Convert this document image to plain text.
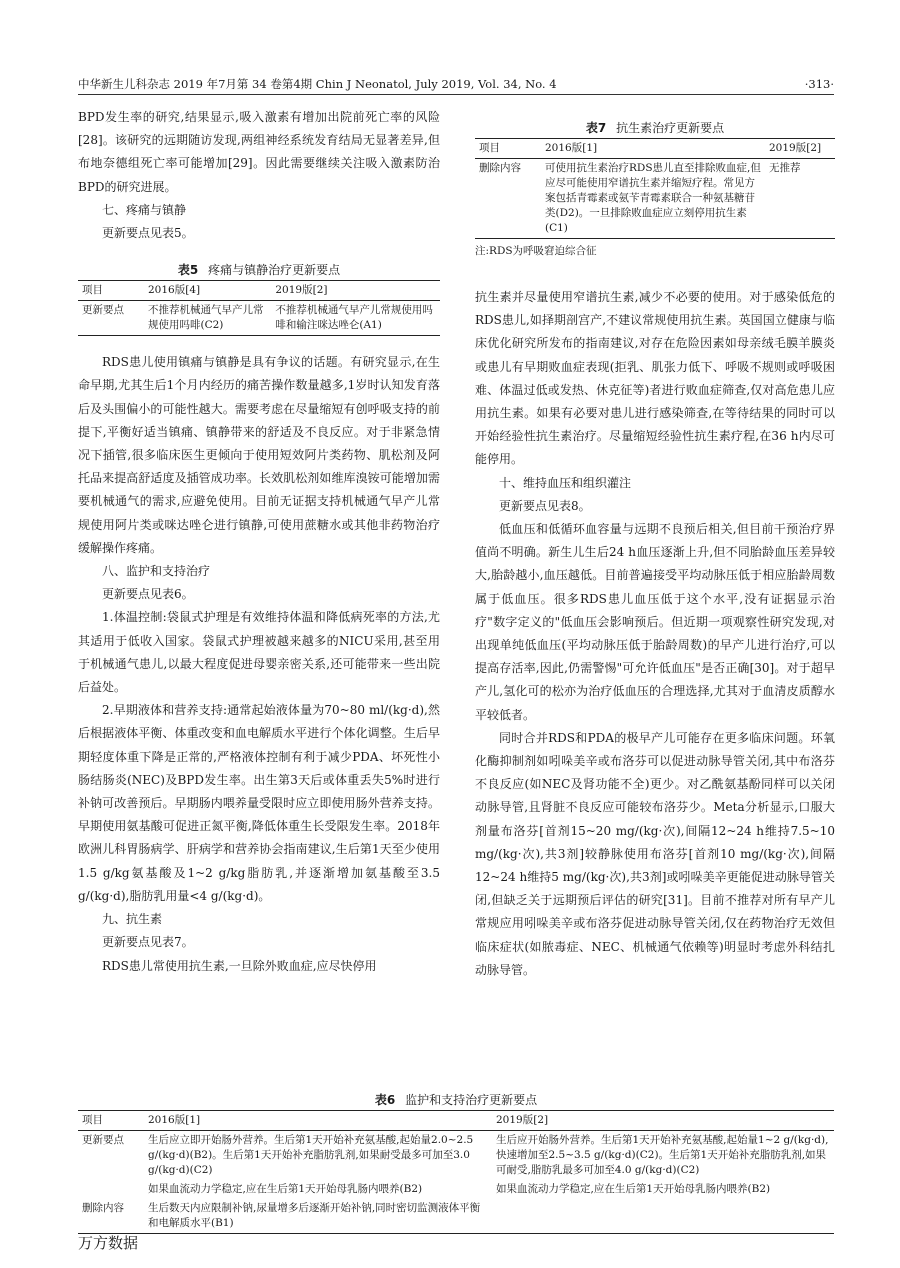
中华新生儿科杂志 2019 年7月第 34 卷第4期 Chin J Neonatol, July 2019, Vol. 34, No. 4	·313·

BPD发生率的研究,结果显示,吸入激素有增加出院前死亡率的风险[28]。该研究的远期随访发现,两组神经系统发育结局无显著差异,但布地奈德组死亡率可能增加[29]。因此需要继续关注吸入激素防治BPD的研究进展。

七、疼痛与镇静

更新要点见表5。

RDS患儿使用镇痛与镇静是具有争议的话题。有研究显示,在生命早期,尤其生后1个月内经历的痛苦操作数量越多,1岁时认知发育落后及头围偏小的可能性越大。需要考虑在尽量缩短有创呼吸支持的前提下,平衡好适当镇痛、镇静带来的舒适及不良反应。对于非紧急情况下插管,很多临床医生更倾向于使用短效阿片类药物、肌松剂及阿托品来提高舒适度及插管成功率。长效肌松剂如维库溴铵可能增加需要机械通气的需求,应避免使用。目前无证据支持机械通气早产儿常规使用阿片类或咪达唑仑进行镇静,可使用蔗糖水或其他非药物治疗缓解操作疼痛。

八、监护和支持治疗

更新要点见表6。

1.体温控制:袋鼠式护理是有效维持体温和降低病死率的方法,尤其适用于低收入国家。袋鼠式护理被越来越多的NICU采用,甚至用于机械通气患儿,以最大程度促进母婴亲密关系,还可能带来一些出院后益处。

2.早期液体和营养支持:通常起始液体量为70~80 ml/(kg·d),然后根据液体平衡、体重改变和血电解质水平进行个体化调整。生后早期轻度体重下降是正常的,严格液体控制有利于减少PDA、坏死性小肠结肠炎(NEC)及BPD发生率。出生第3天后或体重丢失5%时进行补钠可改善预后。早期肠内喂养量受限时应立即使用肠外营养支持。早期使用氨基酸可促进正氮平衡,降低体重生长受限发生率。2018年欧洲儿科胃肠病学、肝病学和营养协会指南建议,生后第1天至少使用1.5 g/kg氨基酸及1~2 g/kg脂肪乳,并逐渐增加氨基酸至3.5 g/(kg·d),脂肪乳用量<4 g/(kg·d)。

九、抗生素

更新要点见表7。

RDS患儿常使用抗生素,一旦除外败血症,应尽快停用

表5 疼痛与镇静治疗更新要点
项目	2016版[4]	2019版[2]
更新要点	不推荐机械通气早产儿常规使用吗啡(C2)	不推荐机械通气早产儿常规使用吗啡和输注咪达唑仑(A1)
表7 抗生素治疗更新要点
项目	2016版[1]	2019版[2]
删除内容	可使用抗生素治疗RDS患儿直至排除败血症,但应尽可能使用窄谱抗生素并缩短疗程。常见方案包括青霉素或氨苄青霉素联合一种氨基糖苷类(D2)。一旦排除败血症应立刻停用抗生素(C1)	无推荐
注:RDS为呼吸窘迫综合征

抗生素并尽量使用窄谱抗生素,减少不必要的使用。对于感染低危的RDS患儿,如择期剖宫产,不建议常规使用抗生素。英国国立健康与临床优化研究所发布的指南建议,对存在危险因素如母亲绒毛膜羊膜炎或患儿有早期败血症表现(拒乳、肌张力低下、呼吸不规则或呼吸困难、体温过低或发热、休克征等)者进行败血症筛查,仅对高危患儿应用抗生素。如果有必要对患儿进行感染筛查,在等待结果的同时可以开始经验性抗生素治疗。尽量缩短经验性抗生素疗程,在36 h内尽可能停用。

十、维持血压和组织灌注

更新要点见表8。

低血压和低循环血容量与远期不良预后相关,但目前干预治疗界值尚不明确。新生儿生后24 h血压逐渐上升,但不同胎龄血压差异较大,胎龄越小,血压越低。目前普遍接受平均动脉压低于相应胎龄周数属于低血压。很多RDS患儿血压低于这个水平,没有证据显示治疗"数字定义的"低血压会影响预后。但近期一项观察性研究发现,对出现单纯低血压(平均动脉压低于胎龄周数)的早产儿进行治疗,可以提高存活率,因此,仍需警惕"可允许低血压"是否正确[30]。对于超早产儿,氢化可的松亦为治疗低血压的合理选择,尤其对于血清皮质醇水平较低者。

同时合并RDS和PDA的极早产儿可能存在更多临床问题。环氧化酶抑制剂如吲哚美辛或布洛芬可以促进动脉导管关闭,其中布洛芬不良反应(如NEC及肾功能不全)更少。对乙酰氨基酚同样可以关闭动脉导管,且肾脏不良反应可能较布洛芬少。Meta分析显示,口服大剂量布洛芬[首剂15~20 mg/(kg·次),间隔12~24 h维持7.5~10 mg/(kg·次),共3剂]较静脉使用布洛芬[首剂10 mg/(kg·次),间隔12~24 h维持5 mg/(kg·次),共3剂]或吲哚美辛更能促进动脉导管关闭,但缺乏关于远期预后评估的研究[31]。目前不推荐对所有早产儿常规应用吲哚美辛或布洛芬促进动脉导管关闭,仅在药物治疗无效但临床症状(如脓毒症、NEC、机械通气依赖等)明显时考虑外科结扎动脉导管。

表6 监护和支持治疗更新要点
项目	2016版[1]	2019版[2]
更新要点	生后应立即开始肠外营养。生后第1天开始补充氨基酸,起始量2.0~2.5 g/(kg·d)(B2)。生后第1天开始补充脂肪乳剂,如果耐受最多可加至3.0 g/(kg·d)(C2)	生后应开始肠外营养。生后第1天开始补充氨基酸,起始量1~2 g/(kg·d),快速增加至2.5~3.5 g/(kg·d)(C2)。生后第1天开始补充脂肪乳剂,如果可耐受,脂肪乳最多可加至4.0 g/(kg·d)(C2)
	如果血流动力学稳定,应在生后第1天开始母乳肠内喂养(B2)	如果血流动力学稳定,应在生后第1天开始母乳肠内喂养(B2)
删除内容	生后数天内应限制补钠,尿量增多后逐渐开始补钠,同时密切监测液体平衡和电解质水平(B1)	
万方数据
